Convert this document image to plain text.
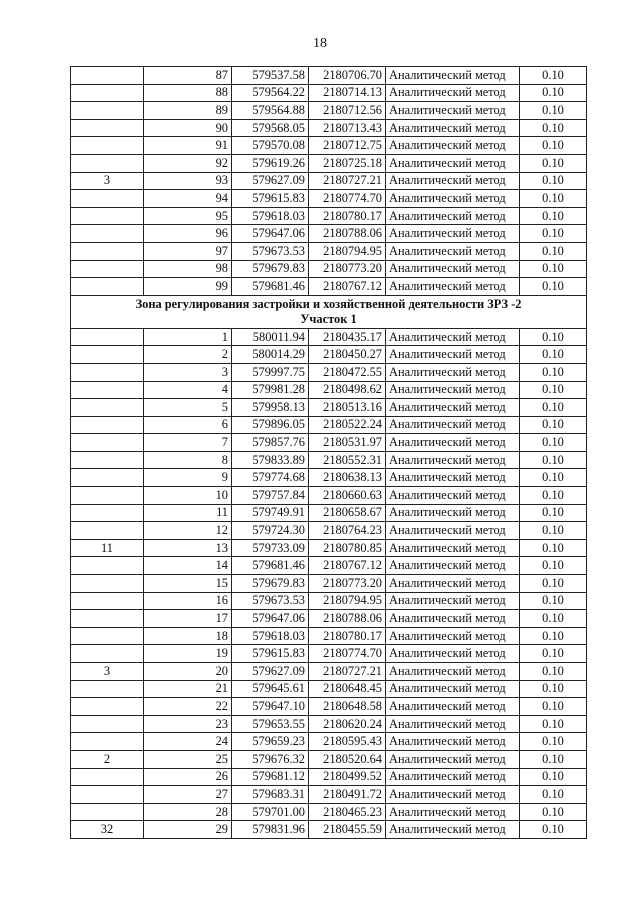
18
	87	579537.58	2180706.70	Аналитический метод	0.10
	88	579564.22	2180714.13	Аналитический метод	0.10
	89	579564.88	2180712.56	Аналитический метод	0.10
	90	579568.05	2180713.43	Аналитический метод	0.10
	91	579570.08	2180712.75	Аналитический метод	0.10
	92	579619.26	2180725.18	Аналитический метод	0.10
3	93	579627.09	2180727.21	Аналитический метод	0.10
	94	579615.83	2180774.70	Аналитический метод	0.10
	95	579618.03	2180780.17	Аналитический метод	0.10
	96	579647.06	2180788.06	Аналитический метод	0.10
	97	579673.53	2180794.95	Аналитический метод	0.10
	98	579679.83	2180773.20	Аналитический метод	0.10
	99	579681.46	2180767.12	Аналитический метод	0.10

Зона регулирования застройки и хозяйственной деятельности ЗРЗ -2
Участок 1					

	1	580011.94	2180435.17	Аналитический метод	0.10
	2	580014.29	2180450.27	Аналитический метод	0.10
	3	579997.75	2180472.55	Аналитический метод	0.10
	4	579981.28	2180498.62	Аналитический метод	0.10
	5	579958.13	2180513.16	Аналитический метод	0.10
	6	579896.05	2180522.24	Аналитический метод	0.10
	7	579857.76	2180531.97	Аналитический метод	0.10
	8	579833.89	2180552.31	Аналитический метод	0.10
	9	579774.68	2180638.13	Аналитический метод	0.10
	10	579757.84	2180660.63	Аналитический метод	0.10
	11	579749.91	2180658.67	Аналитический метод	0.10
	12	579724.30	2180764.23	Аналитический метод	0.10
11	13	579733.09	2180780.85	Аналитический метод	0.10
	14	579681.46	2180767.12	Аналитический метод	0.10
	15	579679.83	2180773.20	Аналитический метод	0.10
	16	579673.53	2180794.95	Аналитический метод	0.10
	17	579647.06	2180788.06	Аналитический метод	0.10
	18	579618.03	2180780.17	Аналитический метод	0.10
	19	579615.83	2180774.70	Аналитический метод	0.10
3	20	579627.09	2180727.21	Аналитический метод	0.10
	21	579645.61	2180648.45	Аналитический метод	0.10
	22	579647.10	2180648.58	Аналитический метод	0.10
	23	579653.55	2180620.24	Аналитический метод	0.10
	24	579659.23	2180595.43	Аналитический метод	0.10
2	25	579676.32	2180520.64	Аналитический метод	0.10
	26	579681.12	2180499.52	Аналитический метод	0.10
	27	579683.31	2180491.72	Аналитический метод	0.10
	28	579701.00	2180465.23	Аналитический метод	0.10
32	29	579831.96	2180455.59	Аналитический метод	0.10
